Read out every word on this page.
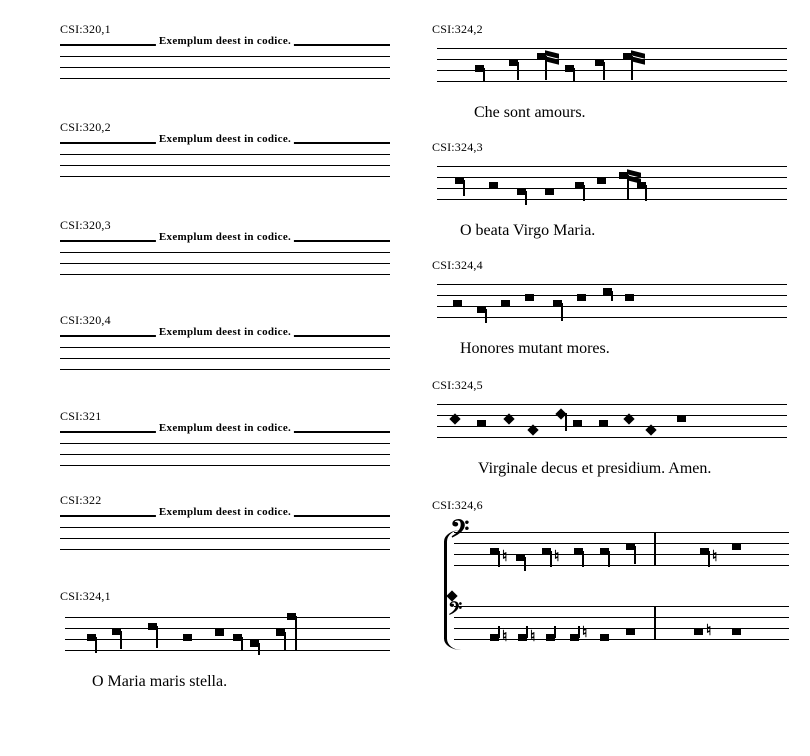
CSI:320,1
Exemplum deest in codice.
CSI:320,2
Exemplum deest in codice.
CSI:320,3
Exemplum deest in codice.
CSI:320,4
Exemplum deest in codice.
CSI:321
Exemplum deest in codice.
CSI:322
Exemplum deest in codice.
CSI:324,1
O Maria maris stella.
CSI:324,2
Che sont amours.
CSI:324,3
O beata Virgo Maria.
CSI:324,4
Honores mutant mores.
CSI:324,5
Virginale decus et presidium. Amen.
CSI:324,6
𝄢
♮	♮	♮
𝄢
♮ ♮	♮	♮
